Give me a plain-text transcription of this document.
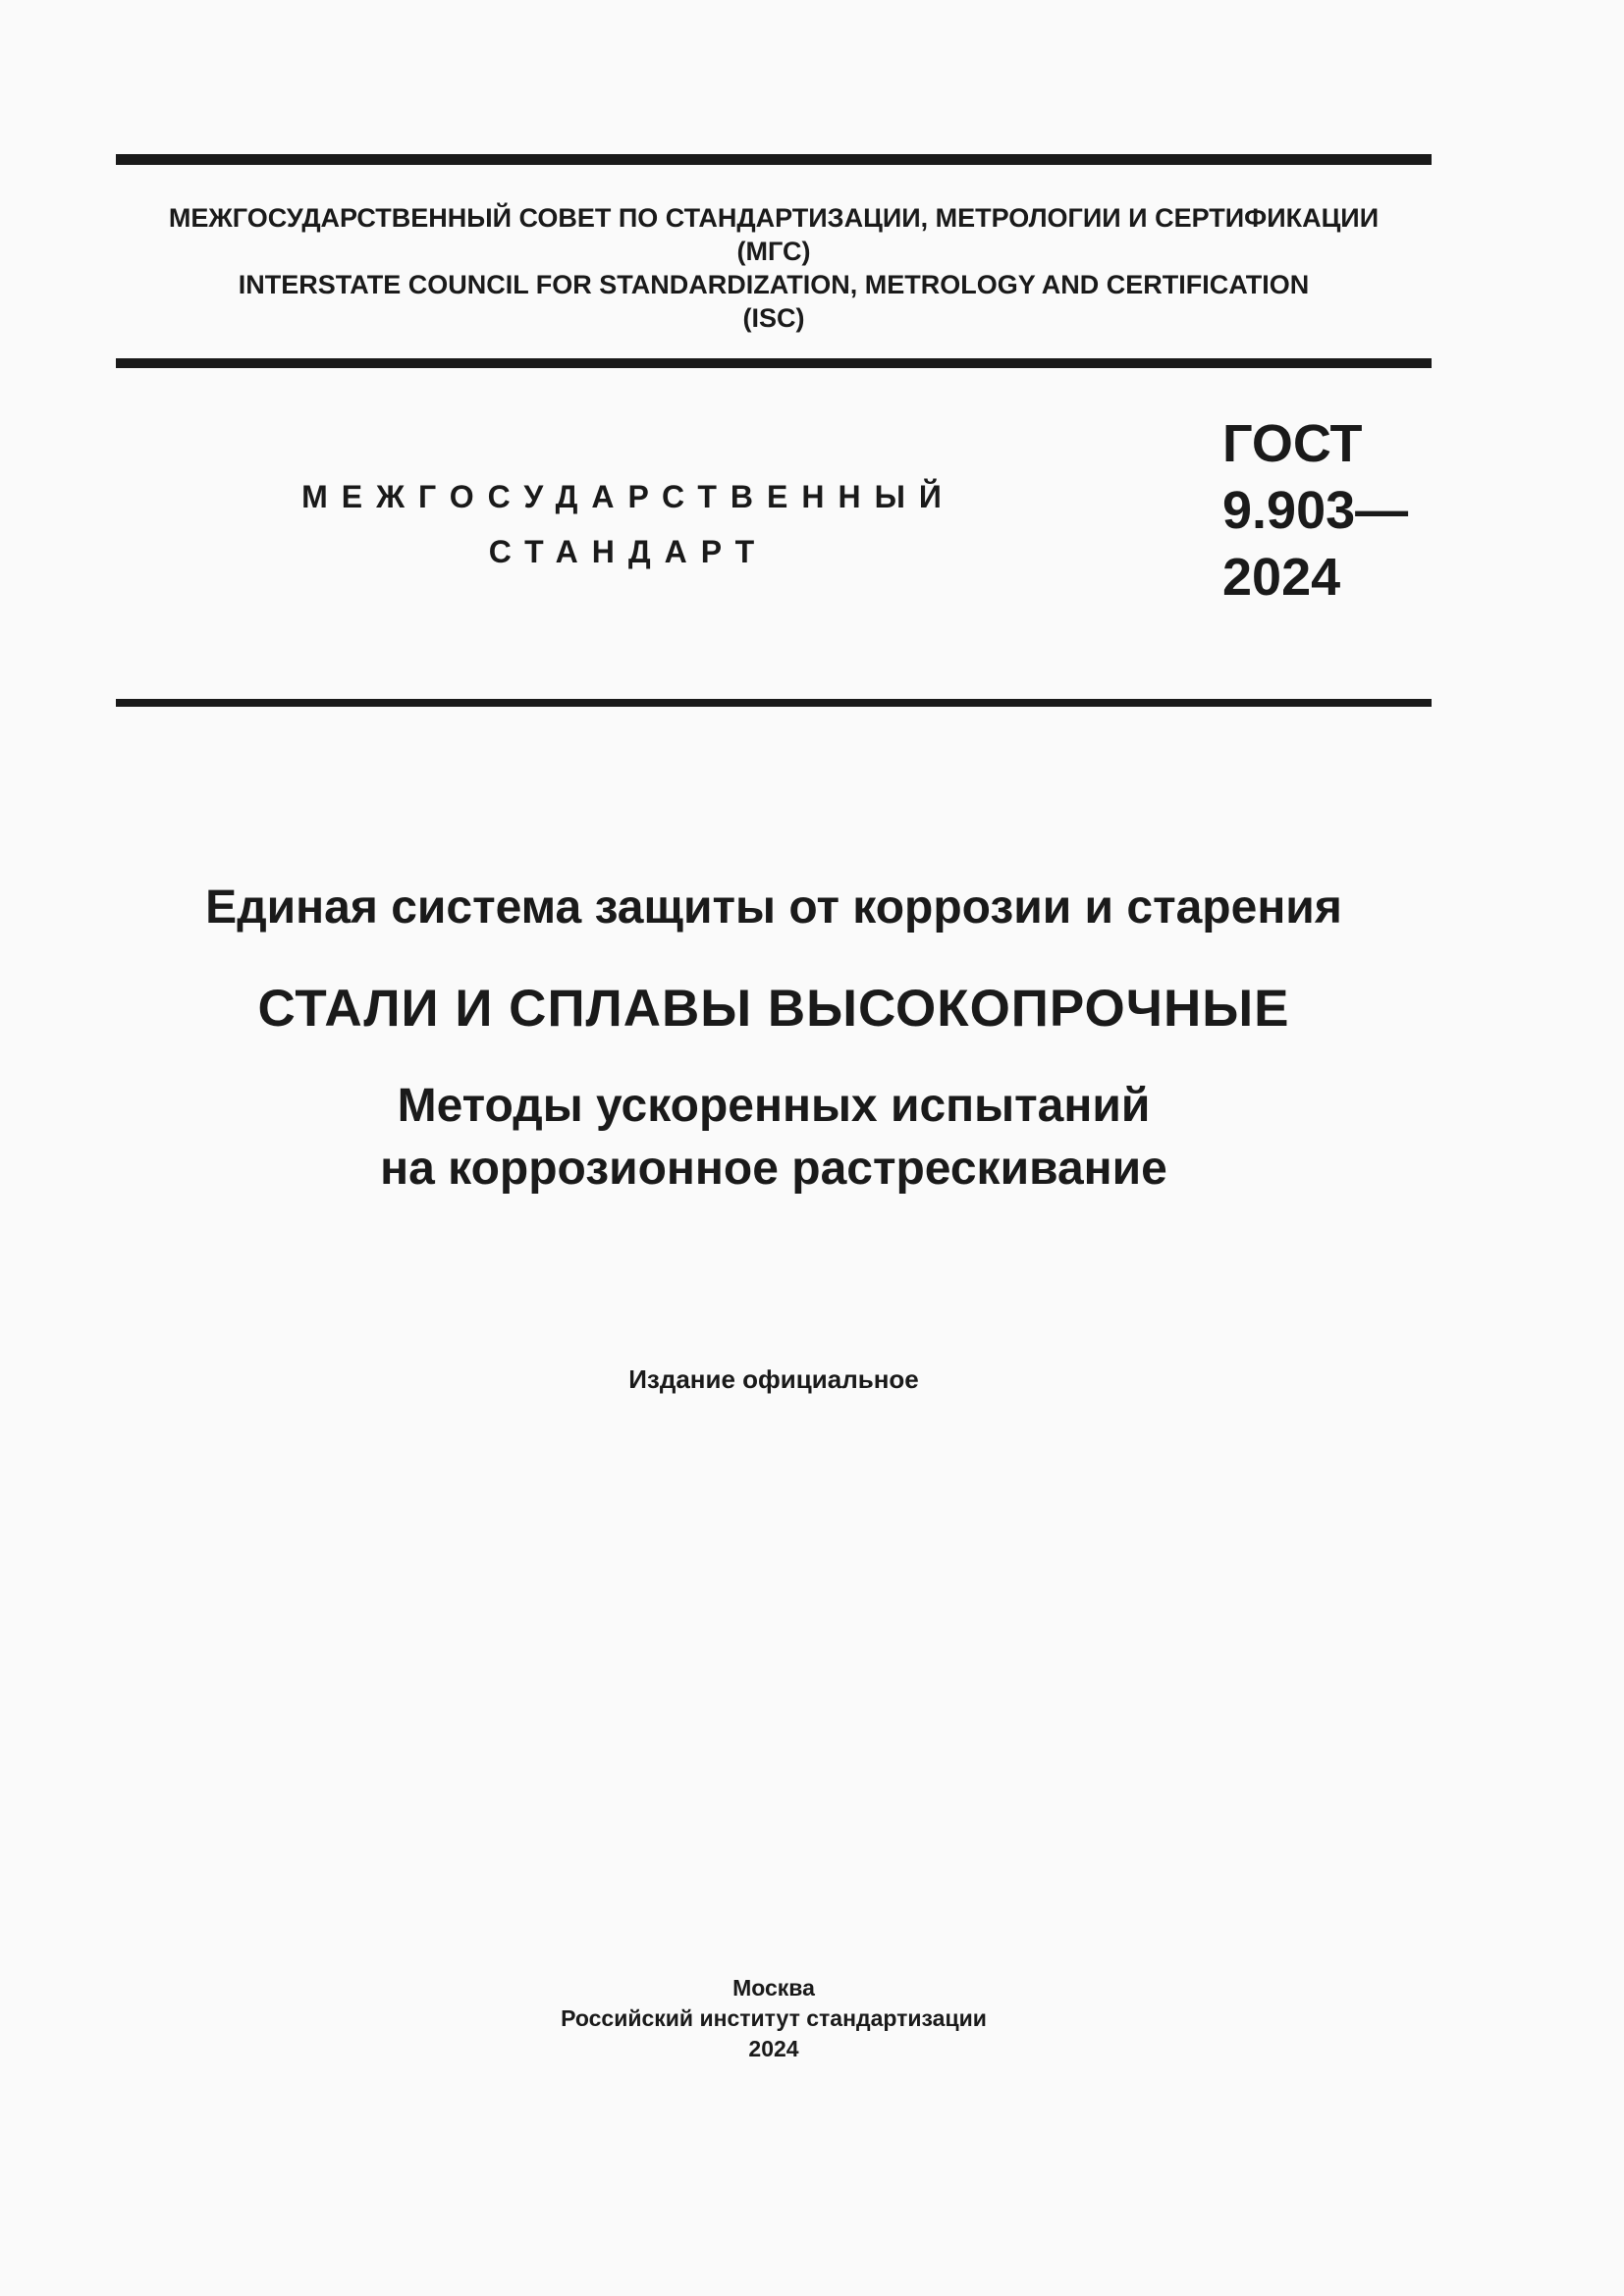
МЕЖГОСУДАРСТВЕННЫЙ СОВЕТ ПО СТАНДАРТИЗАЦИИ, МЕТРОЛОГИИ И СЕРТИФИКАЦИИ
(МГС)
INTERSTATE COUNCIL FOR STANDARDIZATION, METROLOGY AND CERTIFICATION
(ISC)
МЕЖГОСУДАРСТВЕННЫЙ
СТАНДАРТ
ГОСТ
9.903—
2024
Единая система защиты от коррозии и старения
СТАЛИ И СПЛАВЫ ВЫСОКОПРОЧНЫЕ
Методы ускоренных испытаний
на коррозионное растрескивание
Издание официальное
Москва
Российский институт стандартизации
2024
